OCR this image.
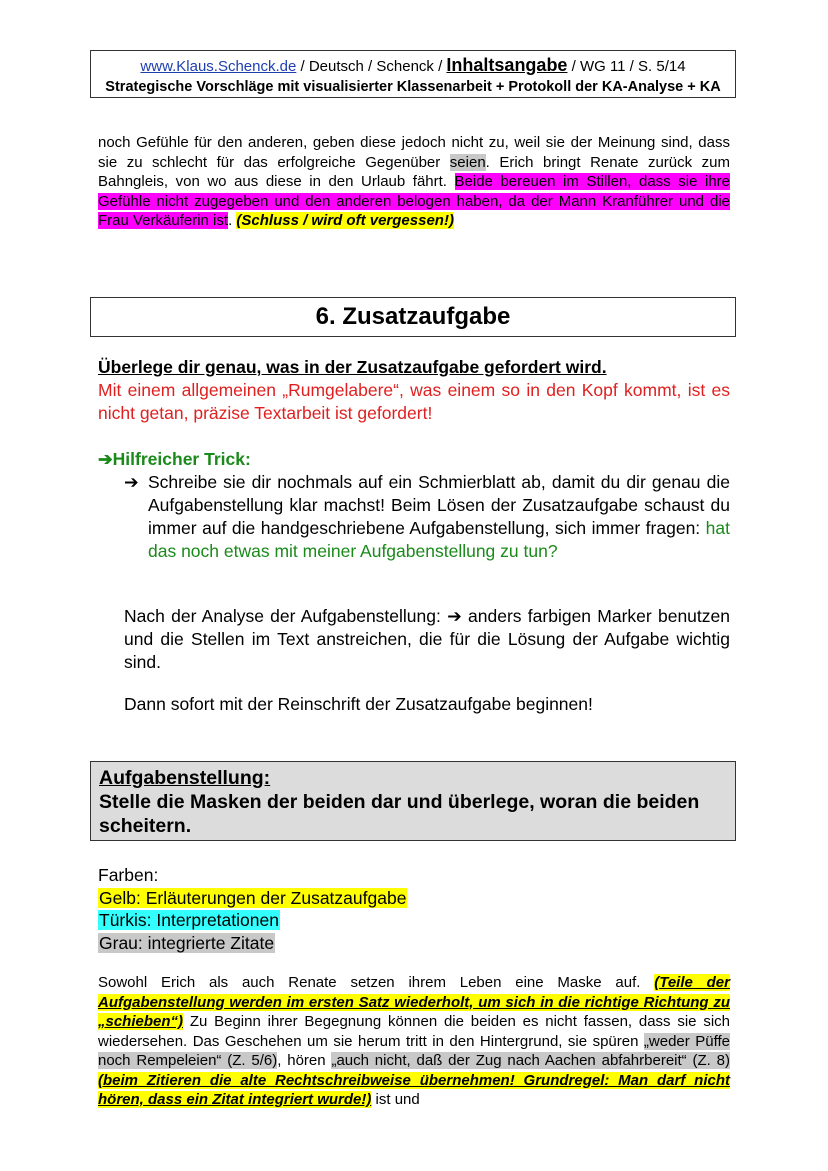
www.Klaus.Schenck.de / Deutsch / Schenck / Inhaltsangabe / WG 11 / S. 5/14
Strategische Vorschläge mit visualisierter Klassenarbeit + Protokoll der KA-Analyse + KA
noch Gefühle für den anderen, geben diese jedoch nicht zu, weil sie der Meinung sind, dass sie zu schlecht für das erfolgreiche Gegenüber seien. Erich bringt Renate zurück zum Bahngleis, von wo aus diese in den Urlaub fährt. Beide bereuen im Stillen, dass sie ihre Gefühle nicht zugegeben und den anderen belogen haben, da der Mann Kranführer und die Frau Verkäuferin ist. (Schluss / wird oft vergessen!)
6. Zusatzaufgabe
Überlege dir genau, was in der Zusatzaufgabe gefordert wird.
Mit einem allgemeinen „Rumgelabere“, was einem so in den Kopf kommt, ist es nicht getan, präzise Textarbeit ist gefordert!
➔Hilfreicher Trick:
➔ Schreibe sie dir nochmals auf ein Schmierblatt ab, damit du dir genau die Aufgabenstellung klar machst! Beim Lösen der Zusatzaufgabe schaust du immer auf die handgeschriebene Aufgabenstellung, sich immer fragen: hat das noch etwas mit meiner Aufgabenstellung zu tun?
Nach der Analyse der Aufgabenstellung: ➔ anders farbigen Marker benutzen und die Stellen im Text anstreichen, die für die Lösung der Aufgabe wichtig sind.
Dann sofort mit der Reinschrift der Zusatzaufgabe beginnen!
Aufgabenstellung:
Stelle die Masken der beiden dar und überlege, woran die beiden scheitern.
Farben:
Gelb: Erläuterungen der Zusatzaufgabe
Türkis: Interpretationen
Grau: integrierte Zitate
Sowohl Erich als auch Renate setzen ihrem Leben eine Maske auf. (Teile der Aufgabenstellung werden im ersten Satz wiederholt, um sich in die richtige Richtung zu „schieben“) Zu Beginn ihrer Begegnung können die beiden es nicht fassen, dass sie sich wiedersehen. Das Geschehen um sie herum tritt in den Hintergrund, sie spüren „weder Püffe noch Rempeleien“ (Z. 5/6), hören „auch nicht, daß der Zug nach Aachen abfahrbereit“ (Z. 8) (beim Zitieren die alte Rechtschreibweise übernehmen! Grundregel: Man darf nicht hören, dass ein Zitat integriert wurde!) ist und
